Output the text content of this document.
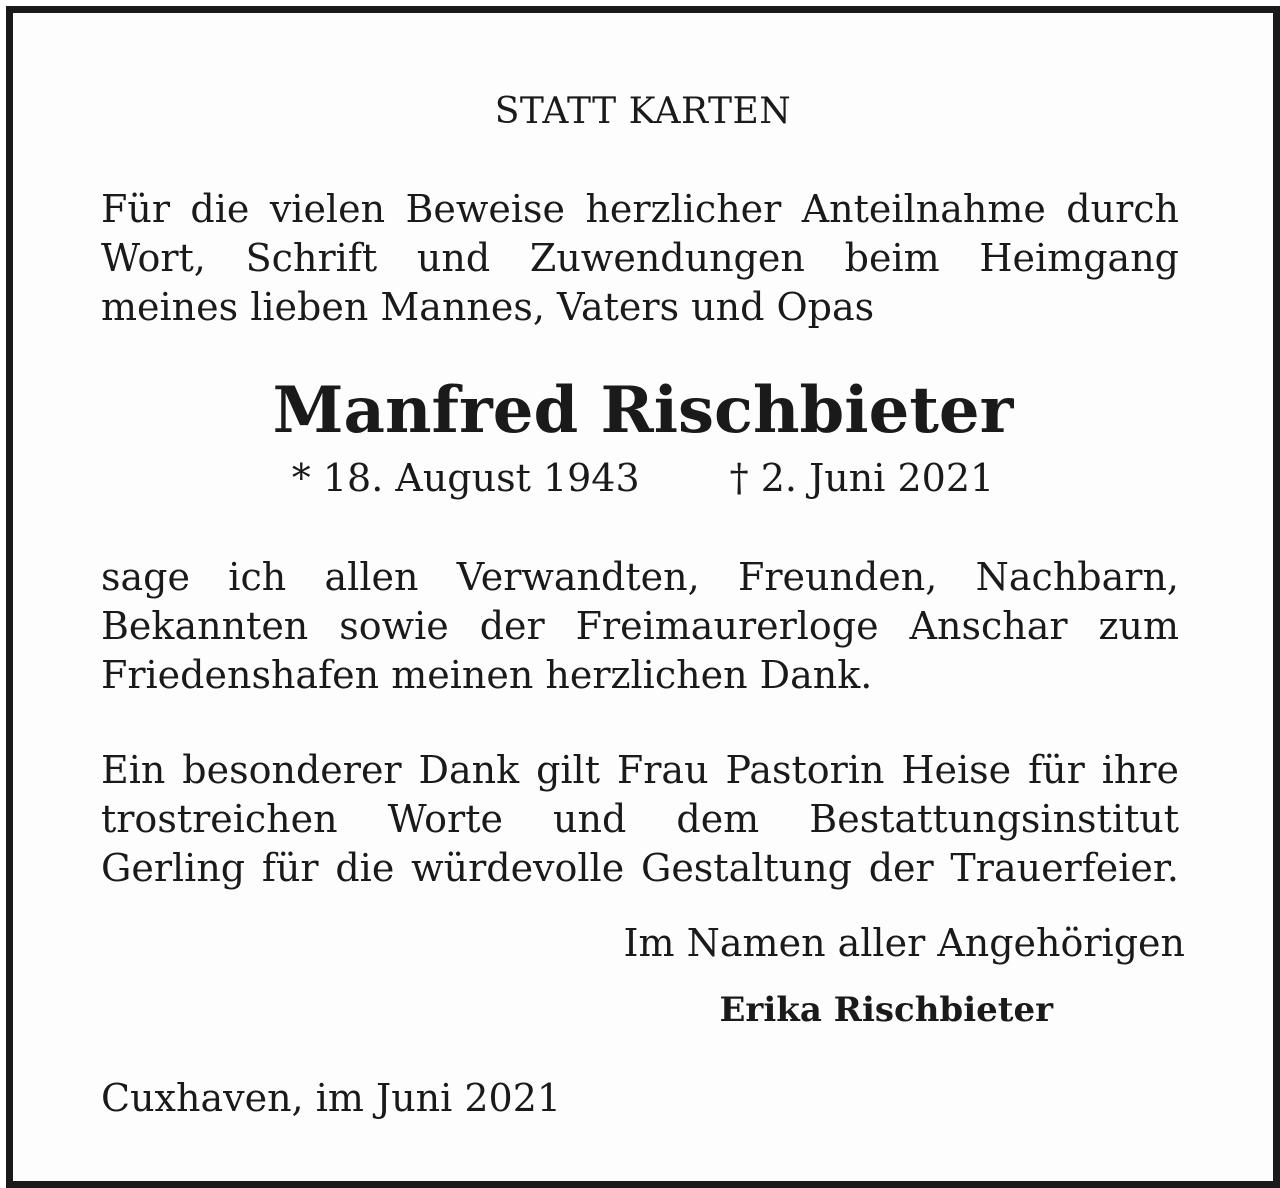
STATT KARTEN

Für die vielen Beweise herzlicher Anteilnahme durch
Wort, Schrift und Zuwendungen beim Heimgang
meines lieben Mannes, Vaters und Opas

Manfred Rischbieter

* 18. August 1943 † 2. Juni 2021

sage ich allen Verwandten, Freunden, Nachbarn,
Bekannten sowie der Freimaurerloge Anschar zum
Friedenshafen meinen herzlichen Dank.
Ein besonderer Dank gilt Frau Pastorin Heise für ihre
trostreichen Worte und dem Bestattungsinstitut
Gerling für die würdevolle Gestaltung der Trauerfeier.

Im Namen aller Angehörigen

Erika Rischbieter

Cuxhaven, im Juni 2021
